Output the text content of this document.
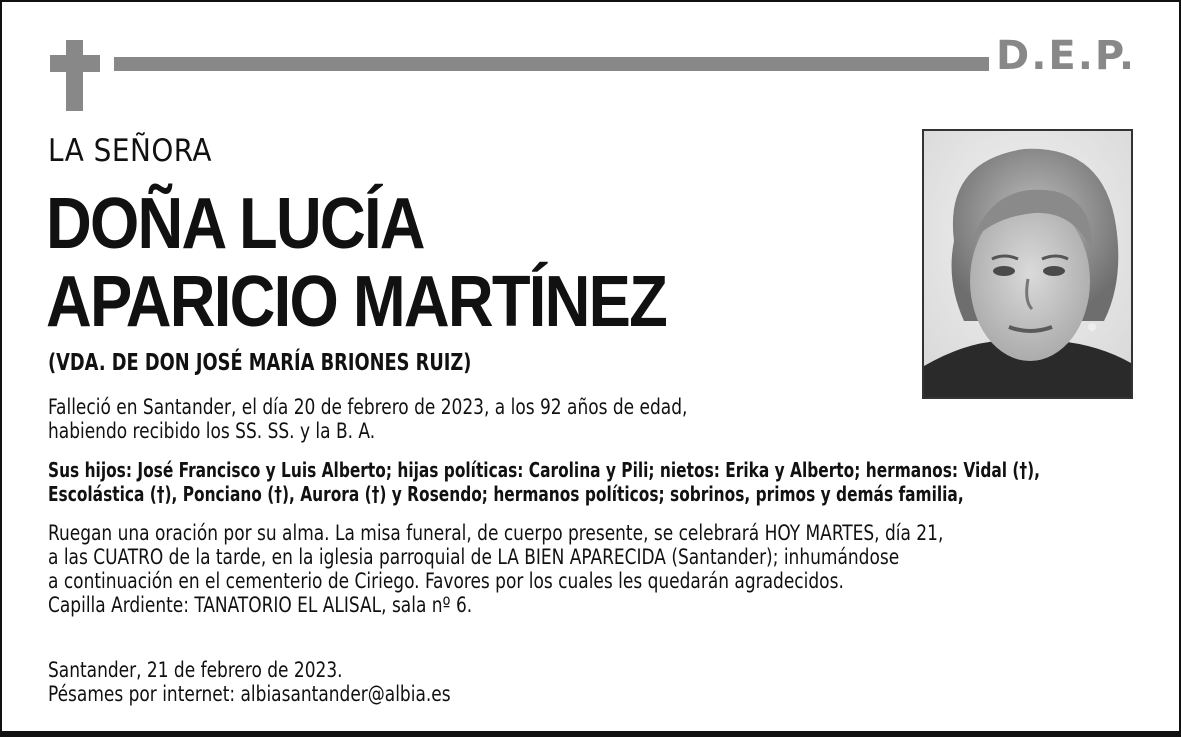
D.E.P.
LA SEÑORA
DOÑA LUCÍA
APARICIO MARTÍNEZ
(VDA. DE DON JOSÉ MARÍA BRIONES RUIZ)
Falleció en Santander, el día 20 de febrero de 2023, a los 92 años de edad,
habiendo recibido los SS. SS. y la B. A.
Sus hijos: José Francisco y Luis Alberto; hijas políticas: Carolina y Pili; nietos: Erika y Alberto; hermanos: Vidal (†),
Escolástica (†), Ponciano (†), Aurora (†) y Rosendo; hermanos políticos; sobrinos, primos y demás familia,
Ruegan una oración por su alma. La misa funeral, de cuerpo presente, se celebrará HOY MARTES, día 21,
a las CUATRO de la tarde, en la iglesia parroquial de LA BIEN APARECIDA (Santander); inhumándose
a continuación en el cementerio de Ciriego. Favores por los cuales les quedarán agradecidos.
Capilla Ardiente: TANATORIO EL ALISAL, sala nº 6.
Santander, 21 de febrero de 2023.
Pésames por internet: albiasantander@albia.es
